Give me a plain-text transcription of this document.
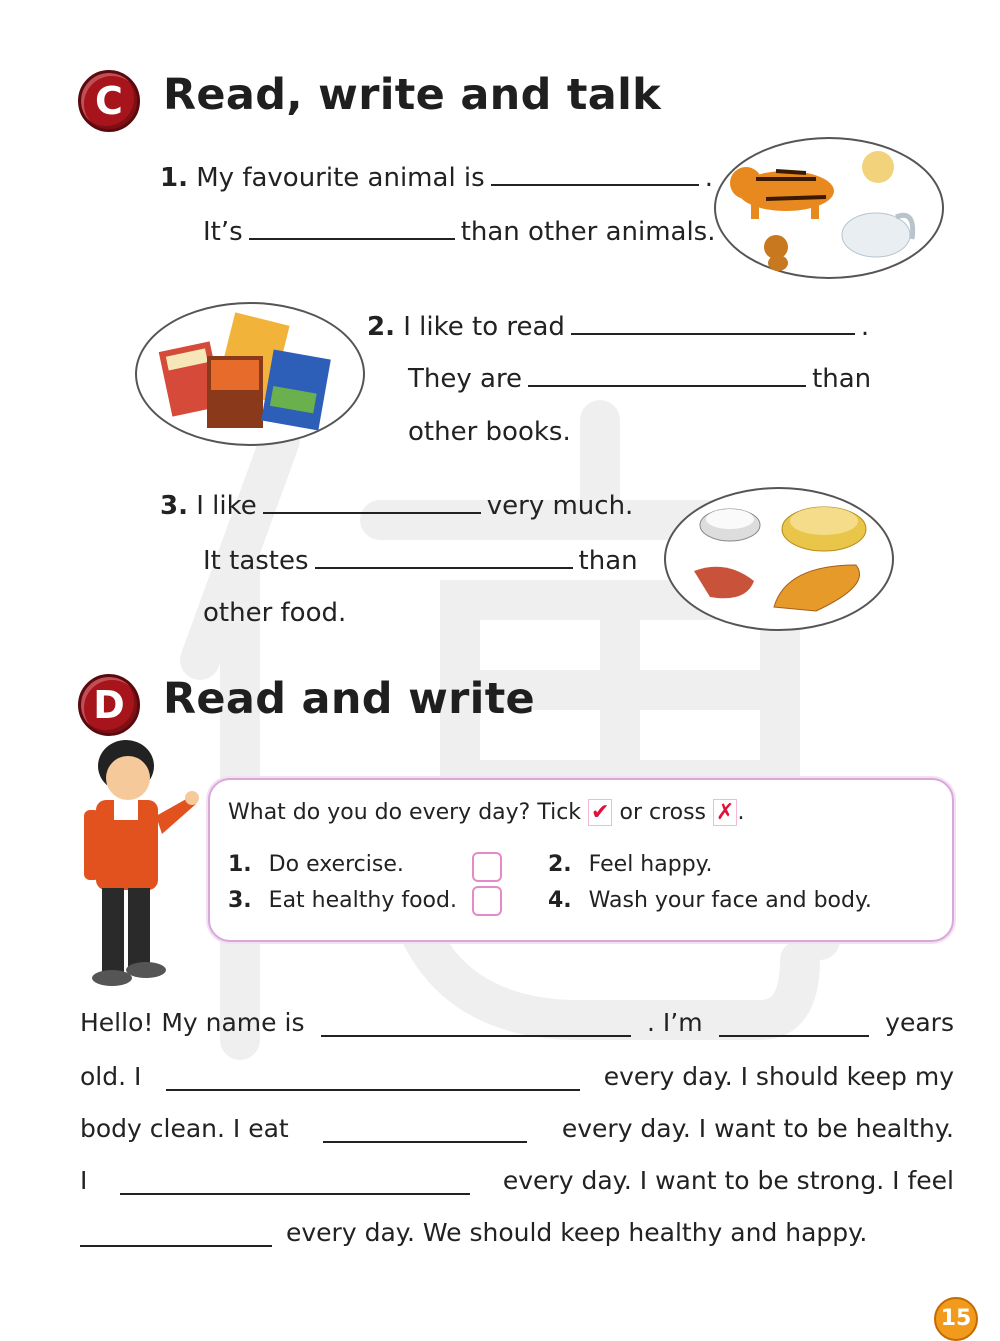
C Read, write and talk
1. My favourite animal is	.
It’s	than other animals.
2. I like to read	.
They are	than
other books.
3. I like	very much.
It tastes	than
other food.
D Read and write
What do you do every day? Tick ✔ or cross ✗ .
1. Do exercise.	2. Feel happy.
3. Eat healthy food.	4. Wash your face and body.
Hello! My name is	. I’m	years
old. I	every day. I should keep my
body clean. I eat	every day. I want to be healthy.
I	every day. I want to be strong. I feel
every day. We should keep healthy and happy.
15
